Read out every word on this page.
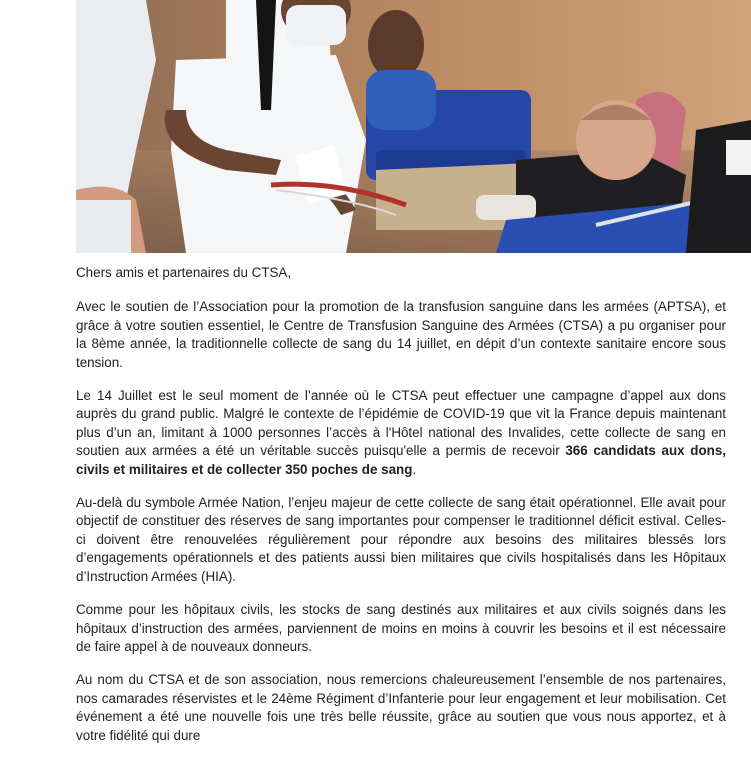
Chers amis et partenaires du CTSA,

Avec le soutien de l’Association pour la promotion de la transfusion sanguine dans les armées (APTSA), et grâce à votre soutien essentiel, le Centre de Transfusion Sanguine des Armées (CTSA) a pu organiser pour la 8ème année, la traditionnelle collecte de sang du 14 juillet, en dépit d’un contexte sanitaire encore sous tension.

Le 14 Juillet est le seul moment de l’année où le CTSA peut effectuer une campagne d’appel aux dons auprès du grand public. Malgré le contexte de l’épidémie de COVID-19 que vit la France depuis maintenant plus d’un an, limitant à 1000 personnes l’accès à l'Hôtel national des Invalides, cette collecte de sang en soutien aux armées a été un véritable succès puisqu'elle a permis de recevoir 366 candidats aux dons, civils et militaires et de collecter 350 poches de sang.

Au-delà du symbole Armée Nation, l’enjeu majeur de cette collecte de sang était opérationnel. Elle avait pour objectif de constituer des réserves de sang importantes pour compenser le traditionnel déficit estival. Celles-ci doivent être renouvelées régulièrement pour répondre aux besoins des militaires blessés lors d’engagements opérationnels et des patients aussi bien militaires que civils hospitalisés dans les Hôpitaux d’Instruction Armées (HIA).

Comme pour les hôpitaux civils, les stocks de sang destinés aux militaires et aux civils soignés dans les hôpitaux d’instruction des armées, parviennent de moins en moins à couvrir les besoins et il est nécessaire de faire appel à de nouveaux donneurs.

Au nom du CTSA et de son association, nous remercions chaleureusement l’ensemble de nos partenaires, nos camarades réservistes et le 24ème Régiment d’Infanterie pour leur engagement et leur mobilisation. Cet événement a été une nouvelle fois une très belle réussite, grâce au soutien que vous nous apportez, et à votre fidélité qui dure
